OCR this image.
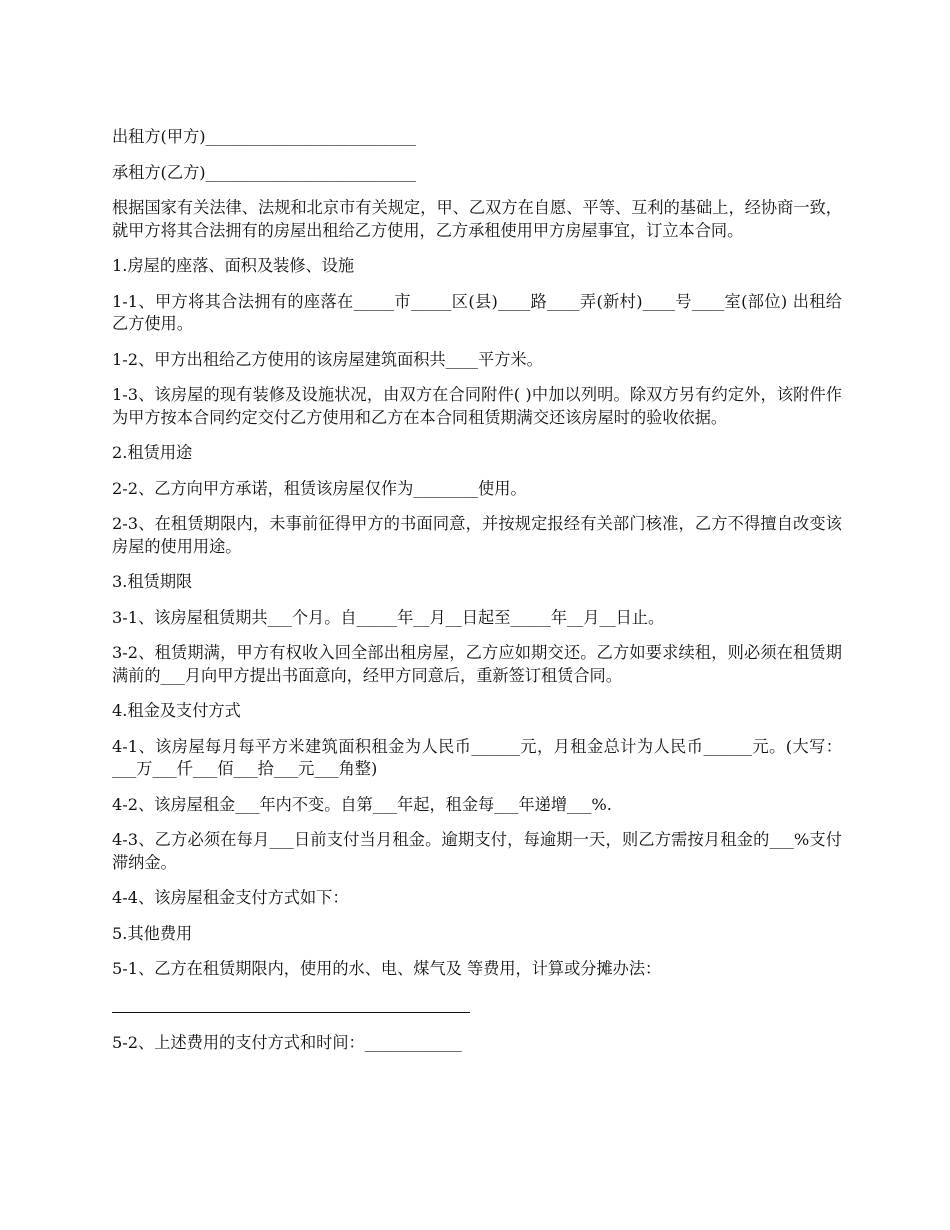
出租方(甲方)__________________________

承租方(乙方)__________________________

根据国家有关法律、法规和北京市有关规定，甲、乙双方在自愿、平等、互利的基础上，经协商一致，就甲方将其合法拥有的房屋出租给乙方使用，乙方承租使用甲方房屋事宜，订立本合同。

1.房屋的座落、面积及装修、设施

1-1、甲方将其合法拥有的座落在_____市_____区(县)____路____弄(新村)____号____室(部位) 出租给乙方使用。

1-2、甲方出租给乙方使用的该房屋建筑面积共____平方米。

1-3、该房屋的现有装修及设施状况，由双方在合同附件( )中加以列明。除双方另有约定外，该附件作为甲方按本合同约定交付乙方使用和乙方在本合同租赁期满交还该房屋时的验收依据。

2.租赁用途

2-2、乙方向甲方承诺，租赁该房屋仅作为________使用。

2-3、在租赁期限内，未事前征得甲方的书面同意，并按规定报经有关部门核准，乙方不得擅自改变该房屋的使用用途。

3.租赁期限

3-1、该房屋租赁期共___个月。自_____年__月__日起至_____年__月__日止。

3-2、租赁期满，甲方有权收入回全部出租房屋，乙方应如期交还。乙方如要求续租，则必须在租赁期满前的___月向甲方提出书面意向，经甲方同意后，重新签订租赁合同。

4.租金及支付方式

4-1、该房屋每月每平方米建筑面积租金为人民币______元，月租金总计为人民币______元。(大写：___万___仟___佰___拾___元___角整)

4-2、该房屋租金___年内不变。自第___年起，租金每___年递增___%.

4-3、乙方必须在每月___日前支付当月租金。逾期支付，每逾期一天，则乙方需按月租金的___%支付滞纳金。

4-4、该房屋租金支付方式如下：

5.其他费用

5-1、乙方在租赁期限内，使用的水、电、煤气及 等费用，计算或分摊办法：

5-2、上述费用的支付方式和时间：____________
